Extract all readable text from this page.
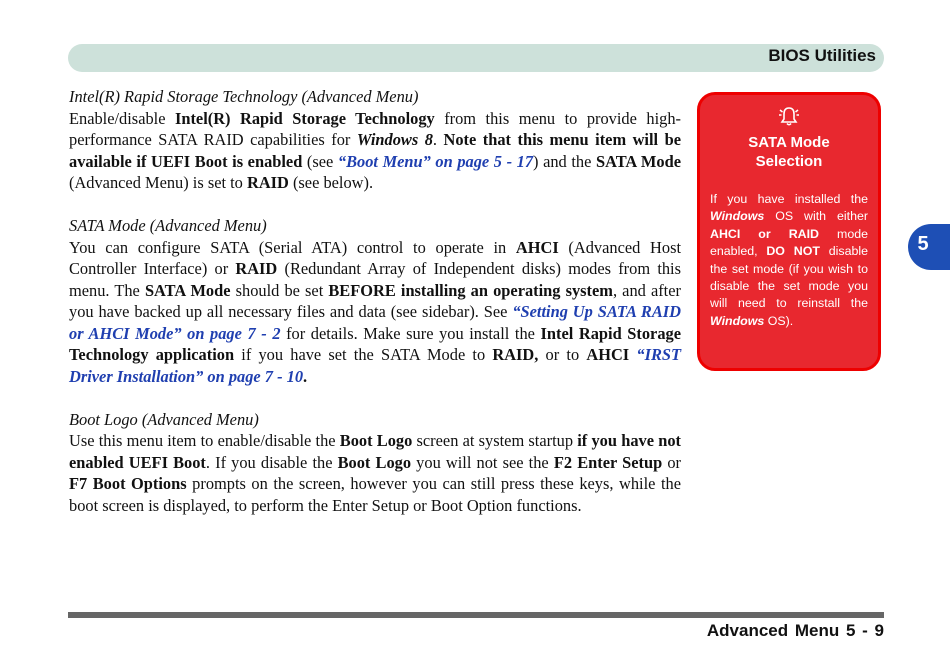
BIOS Utilities
5
Intel(R) Rapid Storage Technology (Advanced Menu)
Enable/disable Intel(R) Rapid Storage Technology from this menu to provide high-performance SATA RAID capabilities for Windows 8. Note that this menu item will be available if UEFI Boot is enabled (see “Boot Menu” on page 5 - 17) and the SATA Mode (Advanced Menu) is set to RAID (see below).
SATA Mode (Advanced Menu)
You can configure SATA (Serial ATA) control to operate in AHCI (Advanced Host Controller Interface) or RAID (Redundant Array of Independent disks) modes from this menu. The SATA Mode should be set BEFORE installing an operating system, and after you have backed up all necessary files and data (see sidebar). See “Setting Up SATA RAID or AHCI Mode” on page 7 - 2 for details. Make sure you install the Intel Rapid Storage Technology application if you have set the SATA Mode to RAID, or to AHCI “IRST Driver Installation” on page 7 - 10.
Boot Logo (Advanced Menu)
Use this menu item to enable/disable the Boot Logo screen at system startup if you have not enabled UEFI Boot. If you disable the Boot Logo you will not see the F2 Enter Setup or F7 Boot Options prompts on the screen, however you can still press these keys, while the boot screen is displayed, to perform the Enter Setup or Boot Option functions.
SATA Mode
Selection
If you have installed the Windows OS with either AHCI or RAID mode enabled, DO NOT disable the set mode (if you wish to disable the set mode you will need to reinstall the Windows OS).
Advanced Menu 5 - 9
